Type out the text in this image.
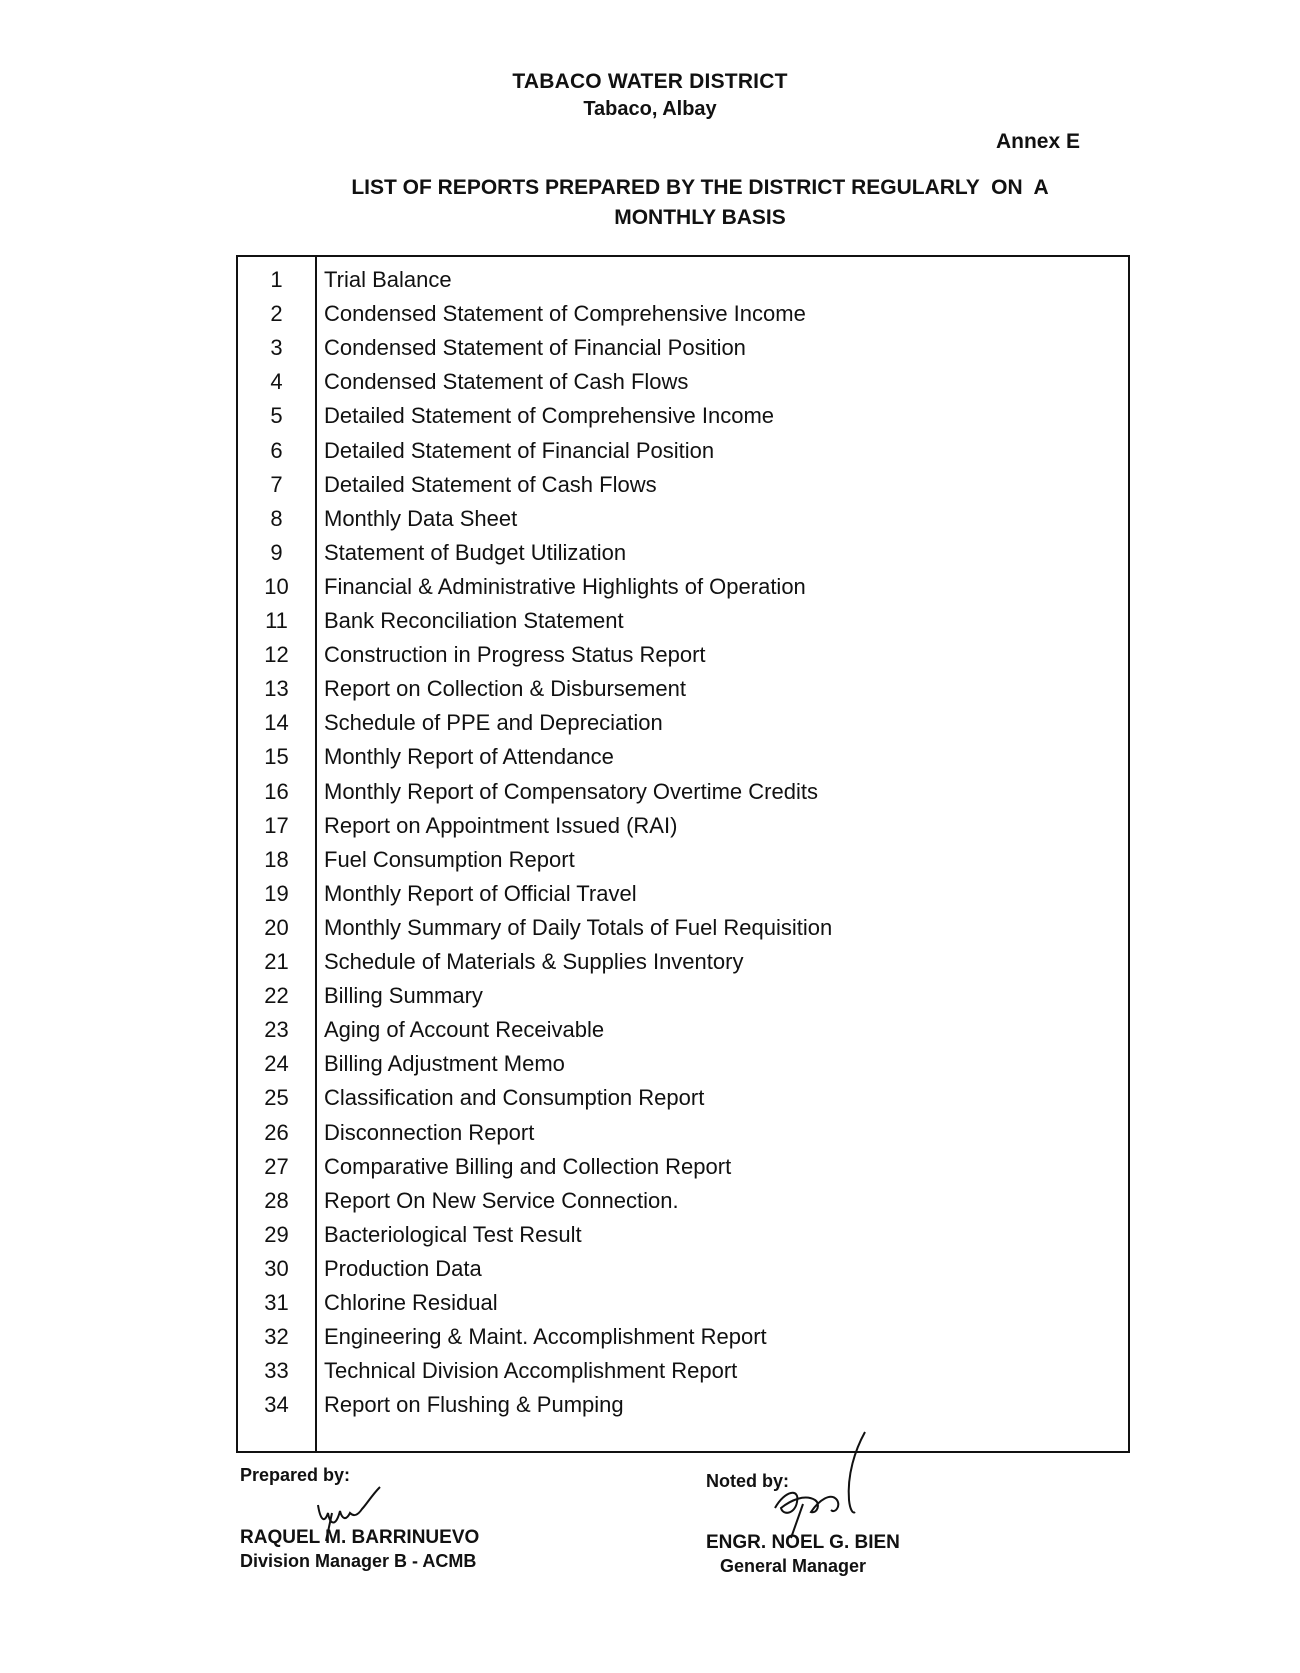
TABACO WATER DISTRICT
Tabaco, Albay
Annex E
LIST OF REPORTS PREPARED BY THE DISTRICT REGULARLY  ON  A
MONTHLY BASIS
1	Trial Balance
2	Condensed Statement of Comprehensive Income
3	Condensed Statement of Financial Position
4	Condensed Statement of Cash Flows
5	Detailed Statement of Comprehensive Income
6	Detailed Statement of Financial Position
7	Detailed Statement of Cash Flows
8	Monthly Data Sheet
9	Statement of Budget Utilization
10	Financial & Administrative Highlights of Operation
11	Bank Reconciliation Statement
12	Construction in Progress Status Report
13	Report on Collection & Disbursement
14	Schedule of PPE and Depreciation
15	Monthly Report of Attendance
16	Monthly Report of Compensatory Overtime Credits
17	Report on Appointment Issued (RAI)
18	Fuel Consumption Report
19	Monthly Report of Official Travel
20	Monthly Summary of Daily Totals of Fuel Requisition
21	Schedule of Materials & Supplies Inventory
22	Billing Summary
23	Aging of Account Receivable
24	Billing Adjustment Memo
25	Classification and Consumption Report
26	Disconnection Report
27	Comparative Billing and Collection Report
28	Report On New Service Connection.
29	Bacteriological Test Result
30	Production Data
31	Chlorine Residual
32	Engineering & Maint. Accomplishment Report
33	Technical Division Accomplishment Report
34	Report on Flushing & Pumping
Prepared by:
RAQUEL M. BARRINUEVO
Division Manager B - ACMB
Noted by:
ENGR. NOEL G. BIEN
General Manager
